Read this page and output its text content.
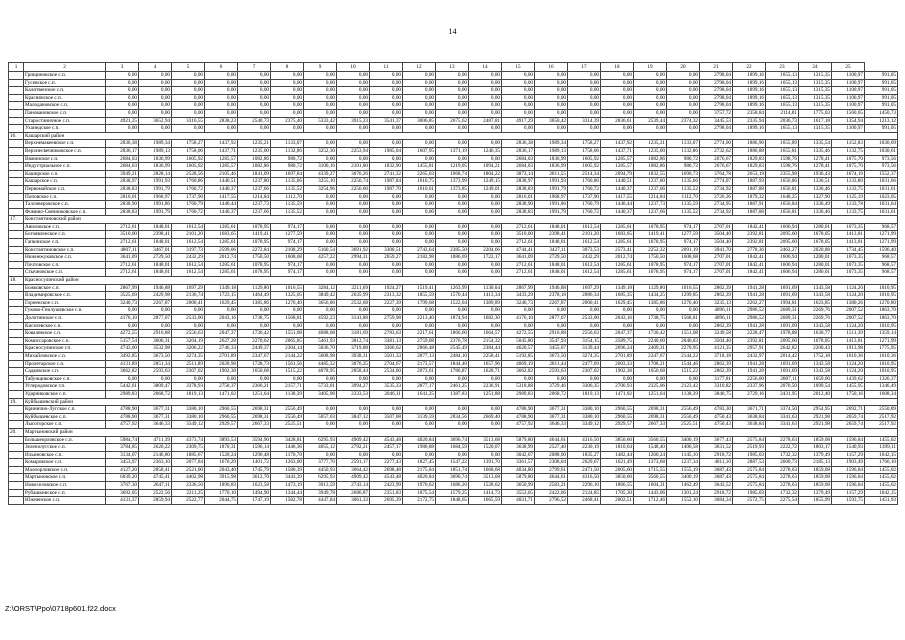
14
1	2	3	4	5	6	7	8	9	10	11	12	13	14	15	16	17	18	19	20	21	22	23	24	25	
	Грищиновское с.п.	0,00	0,00	0,00	0,00	0,00	0,00	0,00	0,00	0,00	0,00	0,00	0,00	0,00	0,00	0,00	0,00	0,00	0,00	2798,04	1899,16	1655,13	1315,35	1100,97	991,05
	Гусевское с.п.	0,00	0,00	0,00	0,00	0,00	0,00	0,00	0,00	0,00	0,00	0,00	0,00	0,00	0,00	0,00	0,00	0,00	0,00	2798,04	1899,16	1655,13	1315,35	1100,97	991,05
	Калитвенское с.п.	0,00	0,00	0,00	0,00	0,00	0,00	0,00	0,00	0,00	0,00	0,00	0,00	0,00	0,00	0,00	0,00	0,00	0,00	2798,04	1899,16	1655,13	1315,35	1100,97	991,05
	Краснянское с.п.	0,00	0,00	0,00	0,00	0,00	0,00	0,00	0,00	0,00	0,00	0,00	0,00	0,00	0,00	0,00	0,00	0,00	0,00	2798,04	1899,16	1655,13	1315,35	1100,97	991,05
	Малодановское с.п.	0,00	0,00	0,00	0,00	0,00	0,00	0,00	0,00	0,00	0,00	0,00	0,00	0,00	0,00	0,00	0,00	0,00	0,00	2798,04	1899,16	1655,13	1315,35	1100,97	991,05
	Пановановское с.п.	0,00	0,00	0,00	0,00	0,00	0,00	0,00	0,00	0,00	0,00	0,00	0,00	0,00	0,00	0,00	0,00	0,00	0,00	3757,72	2358,84	2114,81	1775,03	1560,65	1450,73
	Старостаничное с.п.	4921,25	3652,94	3316,55	2838,23	2540,73	2375,40	5333,42	3915,23	3541,37	3006,85	2675,62	2487,81	4917,29	3650,42	3314,39	2836,61	2539,44	2374,32	3445,53	2335,94	2036,73	1617,18	1354,94	1213,12
	Ухаиндское с.п.	0,00	0,00	0,00	0,00	0,00	0,00	0,00	0,00	0,00	0,00	0,00	0,00	0,00	0,00	0,00	0,00	0,00	0,00	2798,04	1899,16	1655,13	1315,35	1100,97	991,05
16.	Кашарский район																								
	Верхнемакеевское с.п.	2836,38	1989,34	1758,27	1437,92	1235,21	1133,07	0,00	0,00	0,00	0,00	0,00	0,00	2836,38	1989,34	1758,27	1437,92	1235,21	1133,07	2774,00	1886,96	1655,89	1335,54	1152,83	1030,69
	Верхнесвечниковское с.п.	2836,17	1989,13	1758,06	1437,71	1235,00	1132,86	3252,30	2253,94	1985,04	1607,95	1371,19	1246,35	2836,17	1989,13	1758,06	1437,71	1235,00	1132,86	2732,62	1886,88	1655,81	1335,46	1132,75	1030,61
	Вяжинское с.п.	2684,03	1836,99	1605,92	1285,57	1082,86	980,72	0,00	0,00	0,00	0,00	0,00	0,00	2684,03	1836,99	1605,92	1285,57	1082,86	980,72	2676,67	1829,83	1598,76	1278,41	1075,70	973,56
	Индустриальное с.п.	2684,03	1836,99	1605,92	1285,57	1082,86	980,72	3100,16	2101,80	1832,90	1455,81	1219,05	1094,21	2684,03	1836,99	1605,92	1285,57	1082,86	980,72	2676,67	1829,83	1598,76	1278,41	1075,70	973,56
	Каширское с.п.	3949,21	2828,14	2528,56	2105,46	1841,09	1697,84	4339,27	3076,26	2741,32	2265,03	1968,74	1804,22	3873,14	2811,55	2514,34	2094,79	1832,55	1690,73	3764,78	2653,19	2355,98	1936,43	1674,19	1552,37
	Кашарское с.п.	2838,97	1991,93	1760,86	1440,51	1237,80	1135,66	3255,10	2256,74	1987,84	1610,75	1373,99	1249,15	2838,97	1991,93	1760,86	1440,51	1237,80	1135,66	2774,07	1887,93	1656,86	1336,51	1133,80	1031,66
	Первомайское с.п.	2838,83	1991,79	1760,72	1440,37	1237,66	1135,52	3254,96	2256,60	1987,70	1610,61	1373,85	1249,01	2838,83	1991,79	1760,72	1440,37	1237,66	1135,52	2734,92	1887,88	1656,81	1336,46	1133,75	1031,61
	Поповское с.п.	2816,01	1968,97	1737,90	1417,55	1214,84	1112,70	0,00	0,00	0,00	0,00	0,00	0,00	2816,01	1968,97	1737,90	1417,55	1214,84	1112,70	2726,36	1879,32	1648,25	1327,90	1125,19	1023,05
	Талловеровское с.п.	2838,90	1991,86	1760,79	1440,44	1237,73	1135,59	0,00	0,00	0,00	0,00	0,00	0,00	2838,90	1991,86	1760,79	1440,44	1237,73	1135,59	2734,95	1887,91	1656,84	1336,49	1133,78	1031,64
	Фомино-Свечниковское с.п.	2838,83	1991,79	1760,72	1440,37	1237,66	1135,52	0,00	0,00	0,00	0,00	0,00	0,00	2838,83	1991,79	1760,72	1440,37	1237,66	1135,52	2734,92	1887,88	1656,81	1336,46	1133,75	1031,61
17.	Константиновский район																								
	Авиловское с.п.	2712,61	1848,01	1612,54	1285,61	1078,95	974,17	0,00	0,00	0,00	0,00	0,00	0,00	2712,61	1848,01	1612,54	1285,61	1078,95	974,17	2707,01	1842,41	1606,94	1280,01	1073,35	968,57
	Богоявленское с.п.	3510,00	2398,41	2101,20	1683,65	1419,41	1277,59	0,00	0,00	0,00	0,00	0,00	0,00	3510,00	2398,41	2101,20	1683,65	1419,41	1277,59	3504,40	2392,81	2095,60	1678,05	1413,81	1271,99
	Гапкинское с.п.	2712,61	1848,01	1612,54	1285,61	1078,95	974,17	0,00	0,00	0,00	0,00	0,00	0,00	2712,61	1848,01	1612,54	1285,61	1078,95	974,17	3504,40	2392,81	2095,60	1678,05	1413,81	1271,99
	Константиновское с.п.	4807,11	3467,01	3197,73	2599,06	2272,84	2108,29	5160,54	3691,92	3300,51	2743,64	2385,50	2204,66	4744,41	3427,11	3073,53	2573,41	2252,32	2091,19	3941,70	2778,36	2462,27	2020,88	1734,45	1596,40
	Нижнежуковское с.п.	3641,09	2729,50	2432,29	2012,74	1750,50	1608,68	4257,22	2994,31	2659,27	2182,98	1886,69	1722,17	3641,09	2729,50	2432,29	2012,74	1750,50	1608,68	2707,01	1842,41	1606,94	1280,01	1073,35	968,57
	Почтовское с.п.	2712,61	1848,01	1612,54	1285,61	1078,95	974,17	0,00	0,00	0,00	0,00	0,00	0,00	2712,61	1848,01	1612,54	1285,61	1078,95	974,17	2707,01	1842,41	1606,94	1280,01	1073,35	968,57
	Стычновское с.п.	2712,61	1848,01	1612,54	1285,61	1078,95	974,17	0,00	0,00	0,00	0,00	0,00	0,00	2712,61	1848,01	1612,54	1285,61	1078,95	974,17	2707,01	1842,41	1606,94	1280,01	1073,35	968,57
18.	Красносулинский район																								
	Божковское с.п.	2867,99	1946,88	1697,29	1349,18	1129,80	1016,55	3284,12	2211,69	1924,27	1519,41	1263,99	1130,04	2867,99	1946,88	1697,29	1349,18	1129,80	1016,55	2862,39	1941,28	1691,69	1343,58	1124,20	1010,95
	Владимировское с.п.	3525,69	2429,98	2136,74	1723,15	1464,49	1325,05	3849,42	2635,99	2313,32	1855,59	1570,44	1413,34	3433,29	2378,18	2086,34	1685,35	1434,25	1299,85	2862,39	1941,28	1691,69	1343,58	1124,20	1010,95
	Горненское с.п.	3240,73	2267,87	2000,41	1629,45	1385,86	1276,40	3656,86	2532,68	2227,39	1799,68	1522,04	1389,89	3240,73	2267,87	2000,41	1629,45	1385,86	1276,40	3235,13	2262,27	1994,81	1623,85	1380,26	1270,80
	Гуково-Гнилушевское с.п.	0,00	0,00	0,00	0,00	0,00	0,00	0,00	0,00	0,00	0,00	0,00	0,00	0,00	0,00	0,00	0,00	0,00	0,00	4096,11	2986,52	2689,31	2269,76	2007,52	1863,70
	Долотинское с.п.	4176,10	2877,07	2533,00	2043,16	1738,75	1568,81	4592,23	3141,88	2759,98	2213,40	1874,94	1682,30	4176,10	2877,07	2533,00	2043,16	1738,75	1568,81	4096,11	2986,52	2689,31	2269,76	2007,52	1863,70
	Киселевское с.п.	0,00	0,00	0,00	0,00	0,00	0,00	0,00	0,00	0,00	0,00	0,00	0,00	0,00	0,00	0,00	0,00	0,00	0,00	2862,39	1941,28	1691,69	1343,58	1124,20	1010,95
	Ковалевское с.п.	4272,55	2916,88	2556,63	2047,37	1730,42	1551,08	4688,68	3181,69	2783,63	2217,61	1866,60	1664,57	4272,55	2916,88	2556,63	2047,37	1730,42	1551,08	3249,58	2228,47	1978,88	1630,77	1511,39	1359,14
	Комиссаровское с.п.	5157,54	3606,31	3204,19	2627,28	2270,62	2065,85	5461,93	3812,74	3381,13	2759,08	2376,78	2154,32	5045,80	3547,93	3154,15	2589,75	2240,60	2040,83	3504,40	2392,81	2095,60	1678,05	1413,81	1271,99
	Красносулинское г.п.	4743,00	3532,98	3206,22	2746,33	2449,37	2304,14	5036,70	3719,88	3366,62	2866,48	2545,49	2384,44	4620,57	3455,07	3139,44	2696,24	2409,31	2270,95	4121,35	2957,91	2642,82	2200,43	1913,98	1775,95
	Михайловское с.п.	3492,85	3673,50	3274,35	2701,89	2347,67	2144,22	5608,98	3938,31	3501,33	2877,13	2484,10	2258,41	5192,85	3673,50	3274,35	2701,89	2347,67	2144,22	3718,18	2432,97	2014,42	1752,18	1610,36	1610,36
	Пролетарское с.п.	4131,89	2851,34	2511,89	2028,98	1728,73	1561,56	4485,32	3076,25	2704,67	2173,57	1844,40	1657,96	4069,19	2811,44	2477,69	2003,33	1708,21	1544,46	2862,39	1941,28	1691,69	1343,58	1124,20	1010,95
	Садковское с.п.	3662,82	2593,63	2307,02	1902,38	1650,68	1515,22	4078,95	2858,44	2534,00	2073,61	1786,87	1628,71	3662,82	2593,63	2307,02	1902,38	1650,68	1515,22	2862,39	1941,28	1691,69	1343,58	1124,20	1010,95
	Табунщиковское с.п.	0,00	0,00	0,00	0,00	0,00	0,00	0,00	0,00	0,00	0,00	0,00	0,00	0,00	0,00	0,00	0,00	0,00	0,00	3177,81	2256,00	2007,11	1659,00	1439,62	1326,37
	Углеродовское г.п.	5442,61	3809,47	3378,93	2758,37	2366,21	2157,71	5733,01	3994,27	3535,33	2877,17	2461,25	2236,91	5318,88	3729,46	3306,35	2706,93	2325,06	2123,42	3310,82	2337,96	2070,50	1699,54	1455,95	1346,49
	Ударниковское с.п.	2989,83	2068,72	1819,13	1471,02	1251,64	1138,39	3405,96	2333,53	2046,11	1641,25	1387,83	1251,88	2989,83	2068,72	1819,13	1471,02	1251,64	1138,39	3840,75	2729,16	2431,95	2012,40	1750,16	1608,34
19.	Куйбышевский район																								
	Кринично-Лугское с.п.	4788,90	3677,31	3380,10	2960,55	2698,31	2556,49	0,00	0,00	0,00	0,00	0,00	0,00	4788,90	3677,31	3380,10	2960,55	2698,31	2556,49	4783,30	3671,71	3374,50	2954,95	2692,71	2550,89
	Куйбышевское с.п.	4788,90	3677,31	3380,10	2960,55	2698,31	2556,49	5057,03	3847,12	3507,08	3139,59	2834,56	2669,40	4788,90	3677,31	3380,10	2960,55	2698,31	2556,49	4750,43	3638,84	3341,63	2921,98	2659,74	2517,92
	Лысогорское с.п.	4757,92	3646,33	3349,12	2929,57	2667,33	2525,51	0,00	0,00	0,00	0,00	0,00	0,00	4757,92	3646,33	3349,12	2929,57	2667,33	2525,51	4750,43	3638,84	3341,63	2921,98	2659,74	2517,92
20.	Мартыновский район																								
	Большеорловское с.п.	5984,74	4711,39	4373,74	3893,53	3594,90	3428,81	6295,93	4909,42	4543,48	4020,84	3696,74	3513,68	5879,80	4644,61	4316,50	3850,60	3560,55	3400,19	3677,43	2575,84	2278,63	1859,08	1596,84	1455,02
	Зеленолугское с.п.	3784,85	2620,22	2309,75	1870,31	1596,14	1446,36	4055,12	2792,21	2457,17	1980,88	1684,59	1520,07	3638,99	2527,40	2230,19	1810,64	1548,40	1406,58	3631,52	2519,93	2222,72	1803,17	1540,93	1399,11
	Ильиновское с.п.	3134,07	2146,80	1885,67	1520,24	1290,48	1170,70	0,00	0,00	0,00	0,00	0,00	0,00	3042,67	2088,00	1835,27	1482,44	1260,24	1145,10	2918,72	1985,03	1732,32	1379,49	1157,29	1042,15
	Комаровское с.п.	3453,97	2363,10	2077,84	1670,29	1401,72	1263,00	3777,70	2591,17	2277,43	1827,45	1547,22	1391,70	3361,57	2308,04	2029,67	1621,49	1373,68	1237,34	4011,10	2887,53	2600,73	2185,13	1903,49	1766,10
	Малоорловское с.п.	4127,20	2858,41	2521,00	2043,40	1745,79	1580,39	4450,93	3064,42	2698,48	2175,84	1851,74	1668,68	4034,80	2799,61	2471,50	2005,60	1715,55	1555,19	3687,43	2575,84	2278,63	1859,08	1596,84	1455,02
	Мартыновское с.п.	6039,20	4745,41	4402,98	3915,98	3612,70	3443,39	6295,93	4909,42	4543,48	4020,84	3696,74	3513,68	5879,80	4644,61	4316,50	3850,60	3560,55	3400,19	3687,43	2575,84	2278,63	1859,08	1596,84	1455,02
	Новоселовское с.п.	3767,30	2647,11	2336,50	1896,83	1623,58	1473,19	3913,59	2743,14	2423,99	1970,62	1686,20	1528,62	3650,99	2583,21	2296,10	1866,55	1604,31	1462,49	3643,52	2575,84	2278,63	1859,08	1596,84	1455,02
	Рубашкинское с.п.	3692,05	2522,56	2211,25	1770,10	1494,90	1344,44	3949,78	2686,87	2351,83	1875,54	1579,25	1414,73	3553,65	2422,06	2124,85	1705,30	1443,06	1301,24	2918,72	1985,03	1732,32	1379,49	1157,29	1042,15
	Южненское с.п.	4131,37	2859,94	2522,77	2044,75	1747,19	1582,78	4447,84	3061,33	2695,39	2172,75	1848,65	1665,59	4031,71	2796,52	2468,41	2002,51	1712,46	1552,10	3684,34	2572,75	2275,54	1855,99	1593,75	1451,93
Z:\ORST\Ppo\0718p601.f22.docx
